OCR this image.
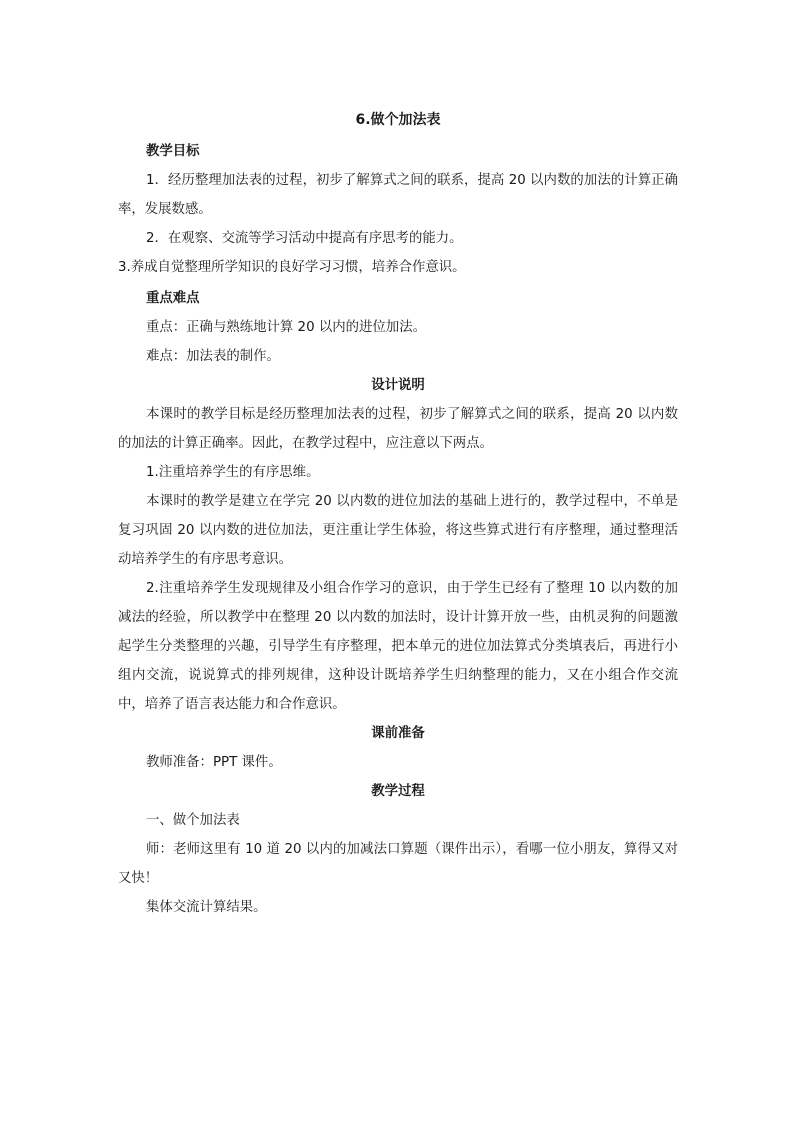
6.做个加法表
教学目标
1．经历整理加法表的过程，初步了解算式之间的联系，提高 20 以内数的加法的计算正确率，发展数感。
2．在观察、交流等学习活动中提高有序思考的能力。
3.养成自觉整理所学知识的良好学习习惯，培养合作意识。
重点难点
重点：正确与熟练地计算 20 以内的进位加法。
难点：加法表的制作。
设计说明
本课时的教学目标是经历整理加法表的过程，初步了解算式之间的联系，提高 20 以内数的加法的计算正确率。因此，在教学过程中，应注意以下两点。
1.注重培养学生的有序思维。
本课时的教学是建立在学完 20 以内数的进位加法的基础上进行的，教学过程中，不单是复习巩固 20 以内数的进位加法，更注重让学生体验，将这些算式进行有序整理，通过整理活动培养学生的有序思考意识。
2.注重培养学生发现规律及小组合作学习的意识，由于学生已经有了整理 10 以内数的加减法的经验，所以教学中在整理 20 以内数的加法时，设计计算开放一些，由机灵狗的问题激起学生分类整理的兴趣，引导学生有序整理，把本单元的进位加法算式分类填表后，再进行小组内交流，说说算式的排列规律，这种设计既培养学生归纳整理的能力，又在小组合作交流中，培养了语言表达能力和合作意识。
课前准备
教师准备：PPT 课件。
教学过程
一、做个加法表
师：老师这里有 10 道 20 以内的加减法口算题（课件出示），看哪一位小朋友，算得又对又快！
集体交流计算结果。
